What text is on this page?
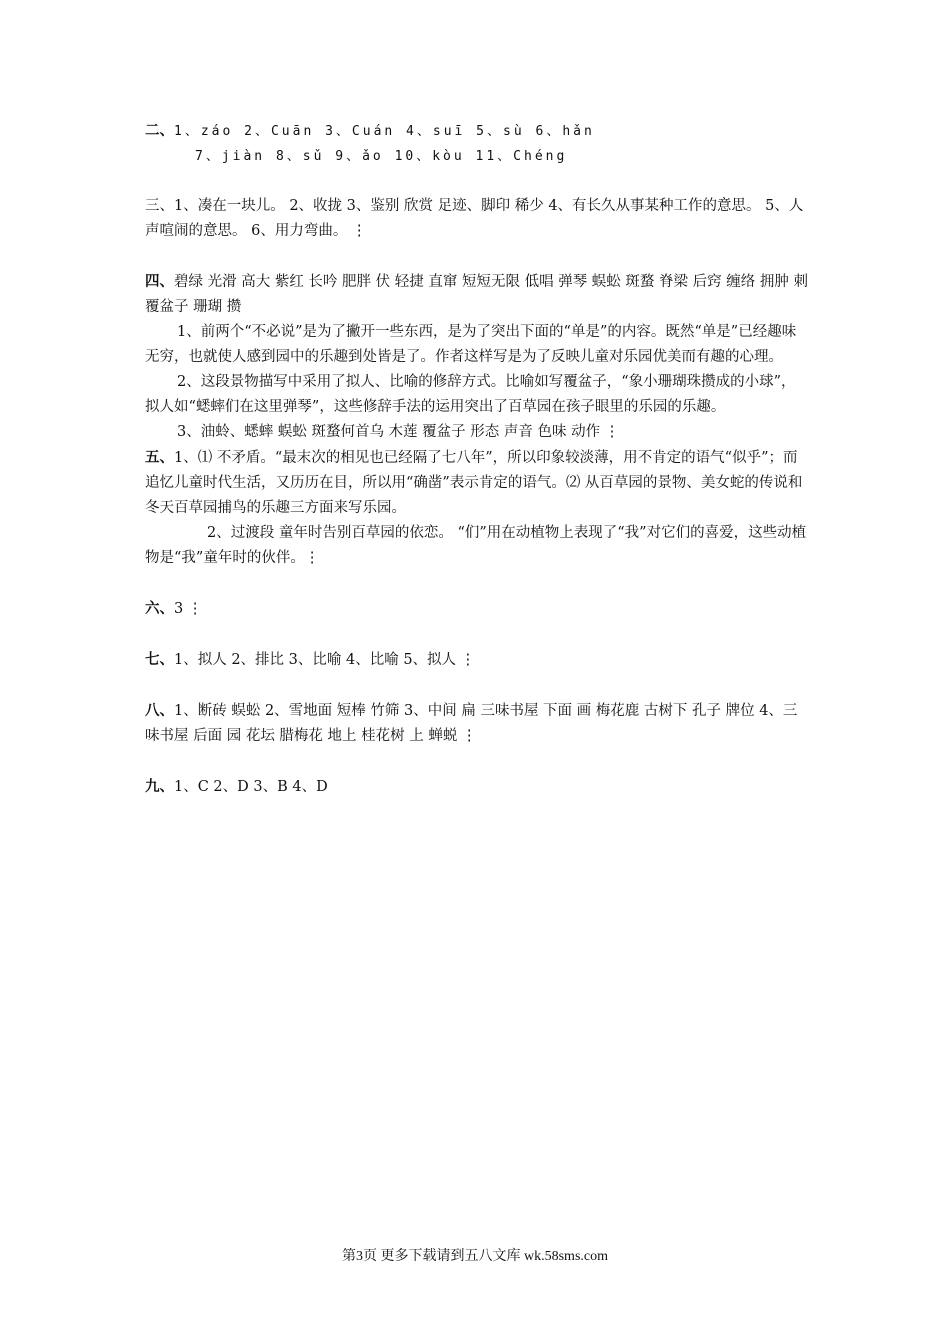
二、1、záo 2、Cuān 3、Cuán 4、suī 5、sù 6、hǎn

7、jiàn 8、sǔ 9、ǎo 10、kòu 11、Chéng

三、1、凑在一块儿。 2、收拢 3、鉴别 欣赏 足迹、脚印 稀少 4、有长久从事某种工作的意思。 5、人声喧闹的意思。 6、用力弯曲。 ⋮

四、碧绿 光滑 高大 紫红 长吟 肥胖 伏 轻捷 直窜 短短无限 低唱 弹琴 蜈蚣 斑蝥 脊梁 后窍 缠络 拥肿 刺 覆盆子 珊瑚 攒

1、前两个“不必说”是为了撇开一些东西，是为了突出下面的“单是”的内容。既然“单是”已经趣味无穷，也就使人感到园中的乐趣到处皆是了。作者这样写是为了反映儿童对乐园优美而有趣的心理。

2、这段景物描写中采用了拟人、比喻的修辞方式。比喻如写覆盆子，“象小珊瑚珠攒成的小球”，拟人如“蟋蟀们在这里弹琴”，这些修辞手法的运用突出了百草园在孩子眼里的乐园的乐趣。

3、油蛉、蟋蟀 蜈蚣 斑蝥何首乌 木莲 覆盆子 形态 声音 色味 动作 ⋮

五、1、⑴ 不矛盾。“最末次的相见也已经隔了七八年”，所以印象较淡薄，用不肯定的语气“似乎”；而追忆儿童时代生活，又历历在目，所以用“确凿”表示肯定的语气。⑵ 从百草园的景物、美女蛇的传说和冬天百草园捕鸟的乐趣三方面来写乐园。

2、过渡段 童年时告别百草园的依恋。 “们”用在动植物上表现了“我”对它们的喜爱，这些动植物是“我”童年时的伙伴。⋮

六、3 ⋮

七、1、拟人 2、排比 3、比喻 4、比喻 5、拟人 ⋮

八、1、断砖 蜈蚣 2、雪地面 短棒 竹筛 3、中间 扁 三味书屋 下面 画 梅花鹿 古树下 孔子 牌位 4、三味书屋 后面 园 花坛 腊梅花 地上 桂花树 上 蝉蜕 ⋮

九、1、C 2、D 3、B 4、D

第3页 更多下载请到五八文库 wk.58sms.com
